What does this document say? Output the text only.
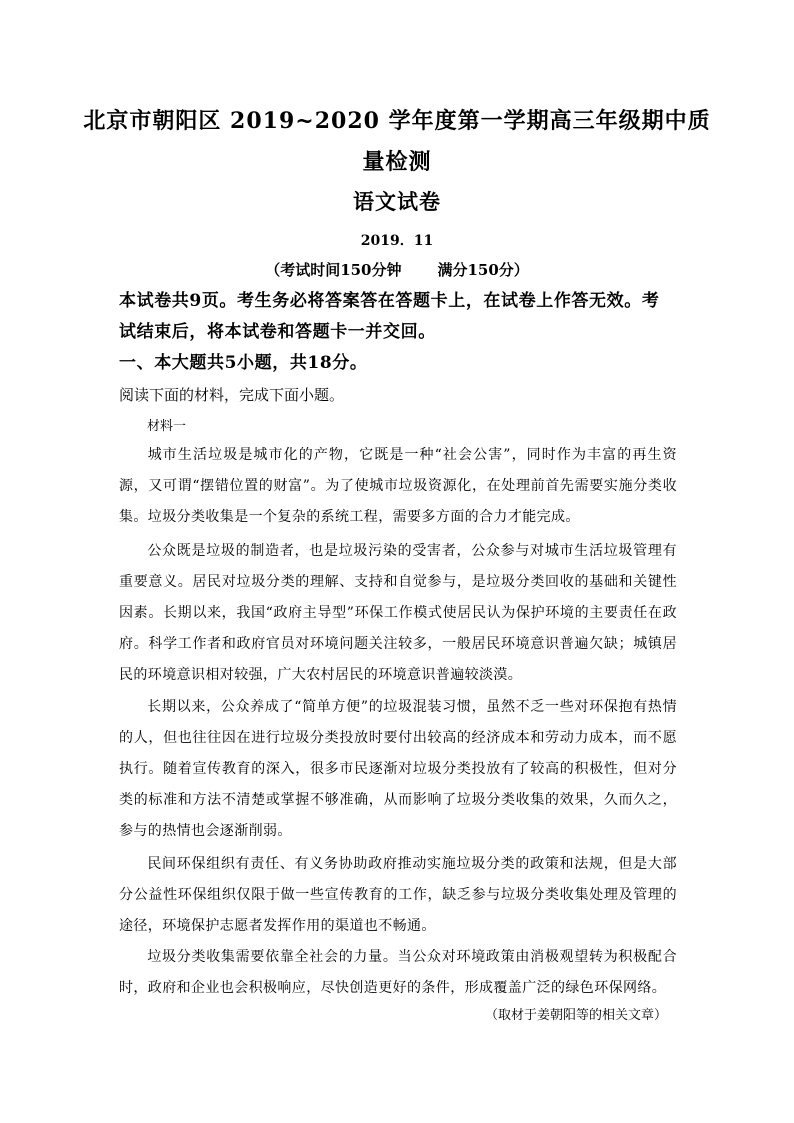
北京市朝阳区 2019~2020 学年度第一学期高三年级期中质
量检测
语文试卷
2019．11
（考试时间150分钟 满分150分）
本试卷共9页。考生务必将答案答在答题卡上，在试卷上作答无效。考试结束后，将本试卷和答题卡一并交回。
一、本大题共5小题，共18分。
阅读下面的材料，完成下面小题。
材料一
城市生活垃圾是城市化的产物，它既是一种“社会公害”，同时作为丰富的再生资源，又可谓“摆错位置的财富”。为了使城市垃圾资源化，在处理前首先需要实施分类收集。垃圾分类收集是一个复杂的系统工程，需要多方面的合力才能完成。
公众既是垃圾的制造者，也是垃圾污染的受害者，公众参与对城市生活垃圾管理有重要意义。居民对垃圾分类的理解、支持和自觉参与，是垃圾分类回收的基础和关键性因素。长期以来，我国“政府主导型”环保工作模式使居民认为保护环境的主要责任在政府。科学工作者和政府官员对环境问题关注较多，一般居民环境意识普遍欠缺；城镇居民的环境意识相对较强，广大农村居民的环境意识普遍较淡漠。
长期以来，公众养成了“简单方便”的垃圾混装习惯，虽然不乏一些对环保抱有热情的人，但也往往因在进行垃圾分类投放时要付出较高的经济成本和劳动力成本，而不愿执行。随着宣传教育的深入，很多市民逐渐对垃圾分类投放有了较高的积极性，但对分类的标准和方法不清楚或掌握不够准确，从而影响了垃圾分类收集的效果，久而久之，参与的热情也会逐渐削弱。
民间环保组织有责任、有义务协助政府推动实施垃圾分类的政策和法规，但是大部分公益性环保组织仅限于做一些宣传教育的工作，缺乏参与垃圾分类收集处理及管理的途径，环境保护志愿者发挥作用的渠道也不畅通。
垃圾分类收集需要依靠全社会的力量。当公众对环境政策由消极观望转为积极配合时，政府和企业也会积极响应，尽快创造更好的条件，形成覆盖广泛的绿色环保网络。
（取材于姜朝阳等的相关文章）
